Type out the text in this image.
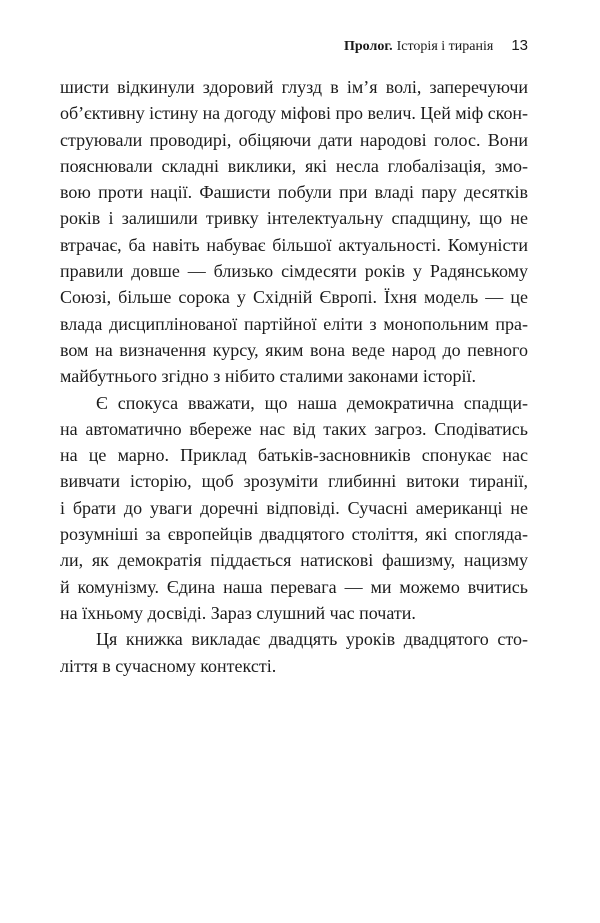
Пролог. Історія і тиранія 13

шисти відкинули здоровий глузд в ім’я волі, заперечуючи
об’єктивну істину на догоду міфові про велич. Цей міф скон-
струювали проводирі, обіцяючи дати народові голос. Вони
пояснювали складні виклики, які несла глобалізація, змо-
вою проти нації. Фашисти побули при владі пару десятків
років і залишили тривку інтелектуальну спадщину, що не
втрачає, ба навіть набуває більшої актуальності. Комуністи
правили довше — близько сімдесяти років у Радянському
Союзі, більше сорока у Східній Європі. Їхня модель — це
влада дисциплінованої партійної еліти з монопольним пра-
вом на визначення курсу, яким вона веде народ до певного
майбутнього згідно з нібито сталими законами історії.

Є спокуса вважати, що наша демократична спадщи-
на автоматично вбереже нас від таких загроз. Сподіватись
на це марно. Приклад батьків-засновників спонукає нас
вивчати історію, щоб зрозуміти глибинні витоки тиранії,
і брати до уваги доречні відповіді. Сучасні американці не
розумніші за європейців двадцятого століття, які спогляда-
ли, як демократія піддається натискові фашизму, нацизму
й комунізму. Єдина наша перевага — ми можемо вчитись
на їхньому досвіді. Зараз слушний час почати.

Ця книжка викладає двадцять уроків двадцятого сто-
ліття в сучасному контексті.
